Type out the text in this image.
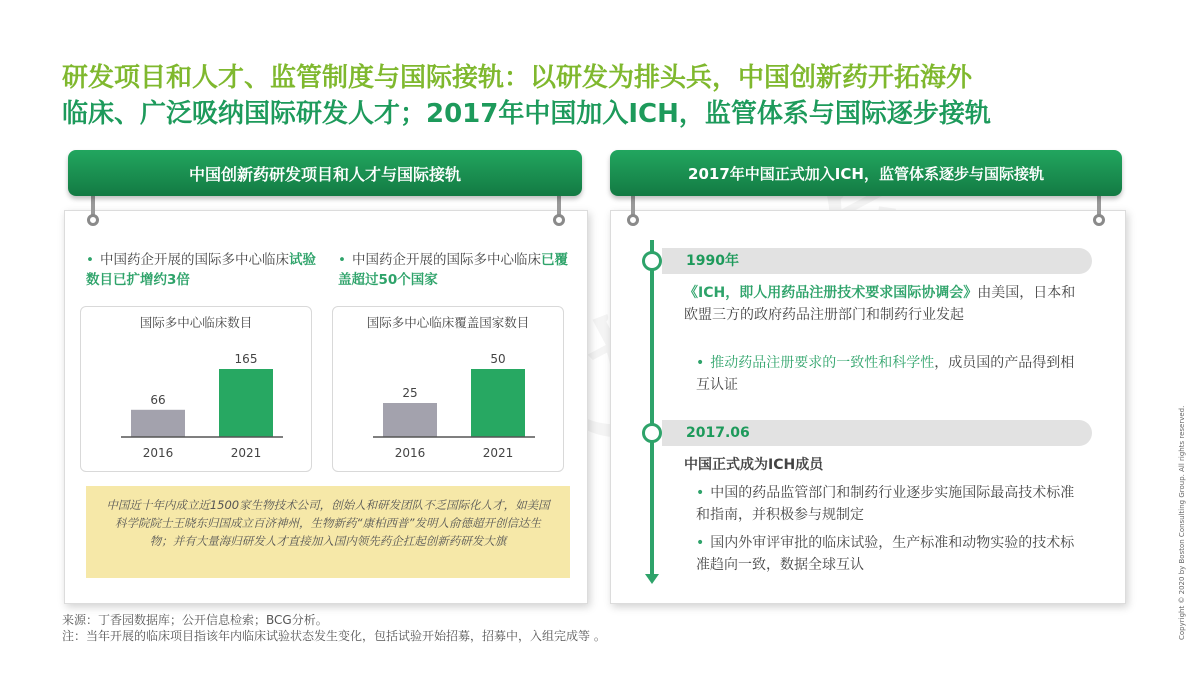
研发项目和人才、监管制度与国际接轨：以研发为排头兵，中国创新药开拓海外
临床、广泛吸纳国际研发人才；2017年中国加入ICH，监管体系与国际逐步接轨
中国创新药研发项目和人才与国际接轨
• 中国药企开展的国际多中心临床试验数目已扩增约3倍
• 中国药企开展的国际多中心临床已覆盖超过50个国家
国际多中心临床数目
66
2016
165
2021
国际多中心临床覆盖国家数目
25
2016
50
2021
中国近十年内成立近1500家生物技术公司，创始人和研发团队不乏国际化人才，如美国科学院院士王晓东归国成立百济神州，生物新药“康柏西普”发明人俞德超开创信达生物；并有大量海归研发人才直接加入国内领先药企扛起创新药研发大旗
2017年中国正式加入ICH，监管体系逐步与国际接轨
1990年
《ICH，即人用药品注册技术要求国际协调会》由美国，日本和欧盟三方的政府药品注册部门和制药行业发起
• 推动药品注册要求的一致性和科学性，成员国的产品得到相互认证
2017.06
中国正式成为ICH成员
• 中国的药品监管部门和制药行业逐步实施国际最高技术标准和指南，并积极参与规制定
• 国内外审评审批的临床试验，生产标准和动物实验的技术标准趋向一致，数据全球互认
来源：丁香园数据库；公开信息检索；BCG分析。
注：当年开展的临床项目指该年内临床试验状态发生变化，包括试验开始招募，招募中，入组完成等 。	Copyright © 2020 by Boston Consulting Group. All rights reserved.
